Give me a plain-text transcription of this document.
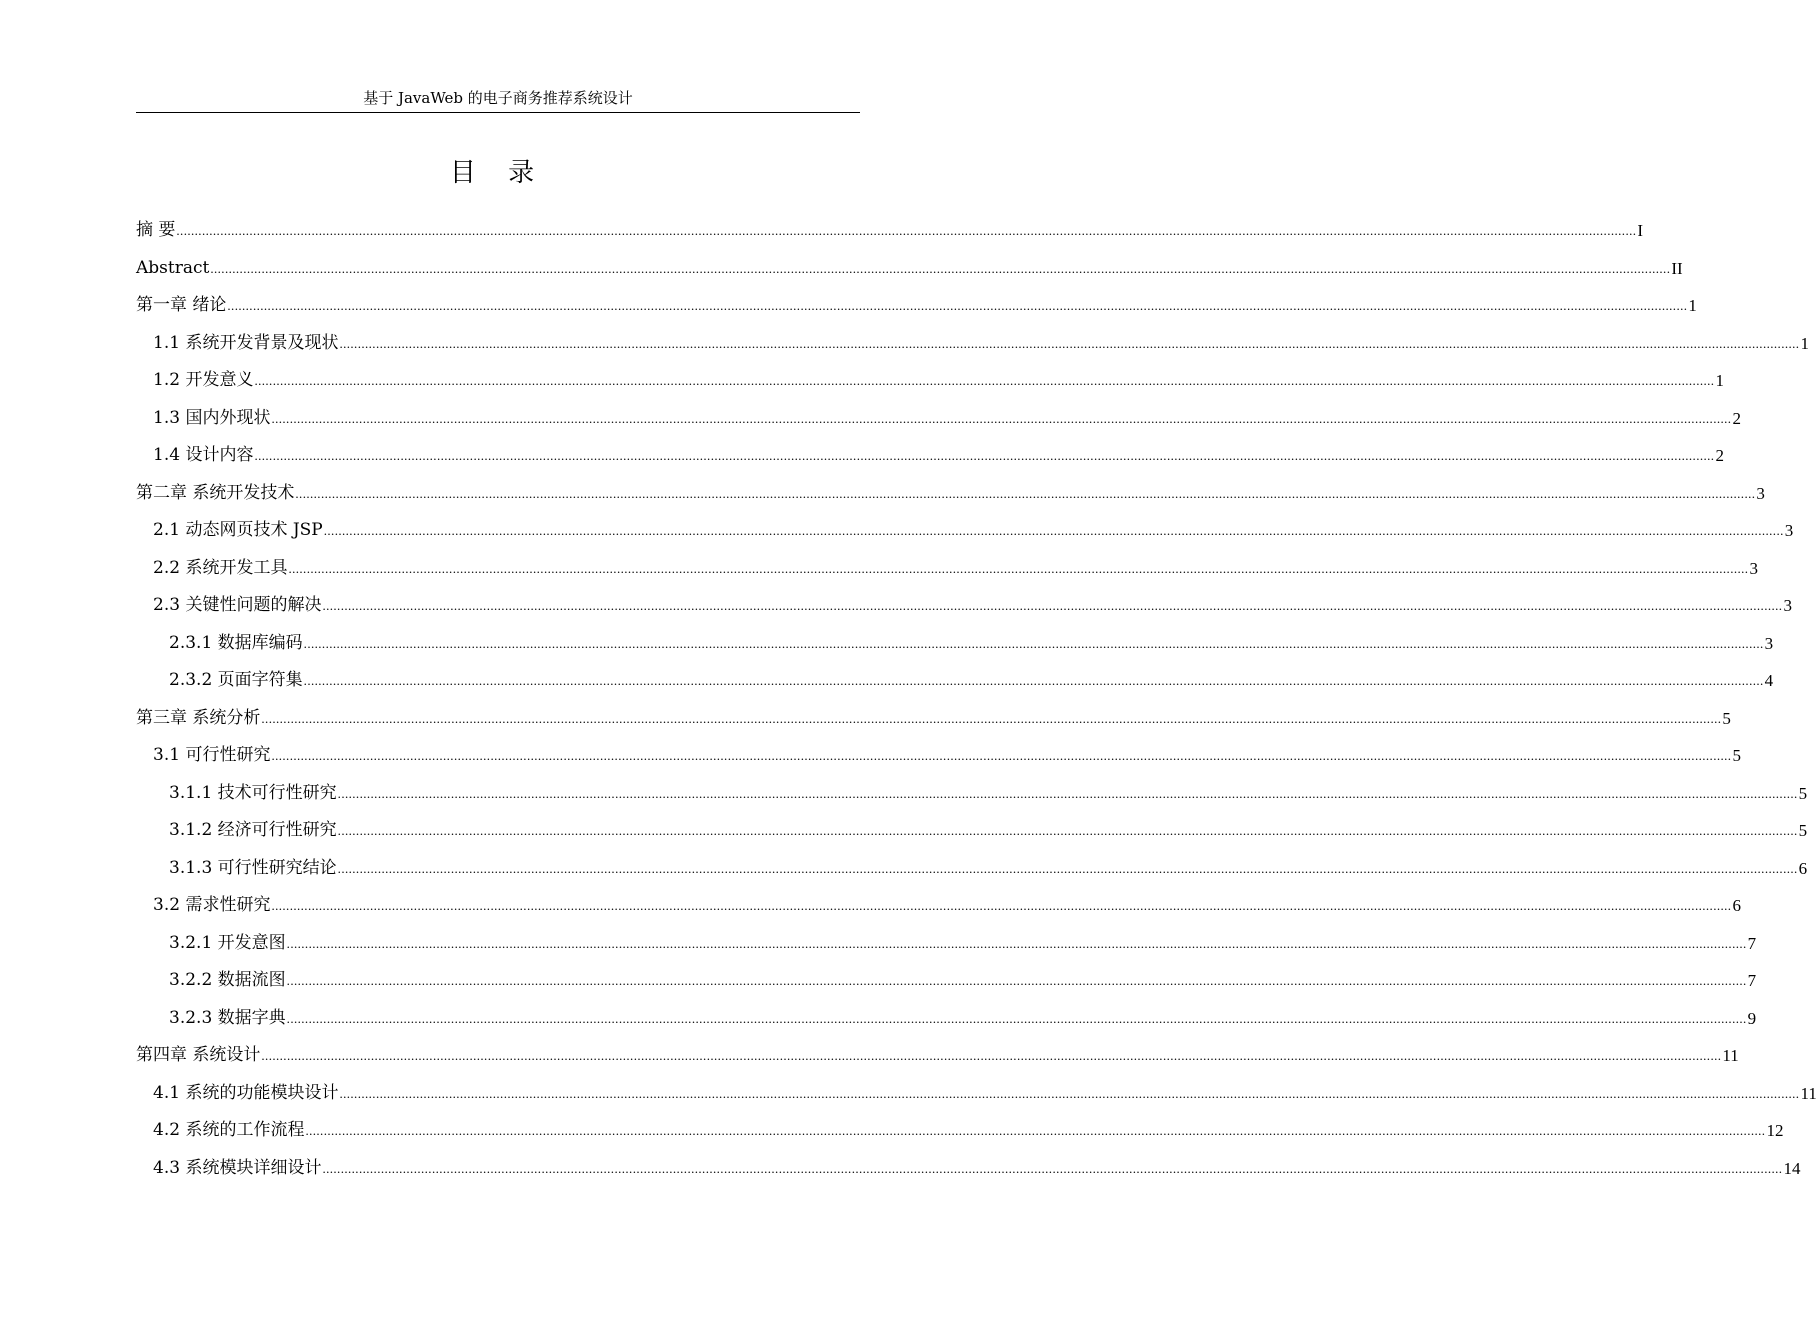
基于 JavaWeb 的电子商务推荐系统设计
目 录
摘 要 ................................................................................................................................................................................................................................................................................................................................................................................................................ I
Abstract ................................................................................................................................................................................................................................................................................................................................................................................................................ II
第一章 绪论 ................................................................................................................................................................................................................................................................................................................................................................................................................ 1
1.1 系统开发背景及现状 ................................................................................................................................................................................................................................................................................................................................................................................................................ 1
1.2 开发意义 ................................................................................................................................................................................................................................................................................................................................................................................................................ 1
1.3 国内外现状 ................................................................................................................................................................................................................................................................................................................................................................................................................ 2
1.4 设计内容 ................................................................................................................................................................................................................................................................................................................................................................................................................ 2
第二章 系统开发技术 ................................................................................................................................................................................................................................................................................................................................................................................................................ 3
2.1 动态网页技术 JSP ................................................................................................................................................................................................................................................................................................................................................................................................................ 3
2.2 系统开发工具 ................................................................................................................................................................................................................................................................................................................................................................................................................ 3
2.3 关键性问题的解决 ................................................................................................................................................................................................................................................................................................................................................................................................................ 3
2.3.1 数据库编码 ................................................................................................................................................................................................................................................................................................................................................................................................................ 3
2.3.2 页面字符集 ................................................................................................................................................................................................................................................................................................................................................................................................................ 4
第三章 系统分析 ................................................................................................................................................................................................................................................................................................................................................................................................................ 5
3.1 可行性研究 ................................................................................................................................................................................................................................................................................................................................................................................................................ 5
3.1.1 技术可行性研究 ................................................................................................................................................................................................................................................................................................................................................................................................................ 5
3.1.2 经济可行性研究 ................................................................................................................................................................................................................................................................................................................................................................................................................ 5
3.1.3 可行性研究结论 ................................................................................................................................................................................................................................................................................................................................................................................................................ 6
3.2 需求性研究 ................................................................................................................................................................................................................................................................................................................................................................................................................ 6
3.2.1 开发意图 ................................................................................................................................................................................................................................................................................................................................................................................................................ 7
3.2.2 数据流图 ................................................................................................................................................................................................................................................................................................................................................................................................................ 7
3.2.3 数据字典 ................................................................................................................................................................................................................................................................................................................................................................................................................ 9
第四章 系统设计 ................................................................................................................................................................................................................................................................................................................................................................................................................ 11
4.1 系统的功能模块设计 ................................................................................................................................................................................................................................................................................................................................................................................................................ 11
4.2 系统的工作流程 ................................................................................................................................................................................................................................................................................................................................................................................................................ 12
4.3 系统模块详细设计 ................................................................................................................................................................................................................................................................................................................................................................................................................ 14
